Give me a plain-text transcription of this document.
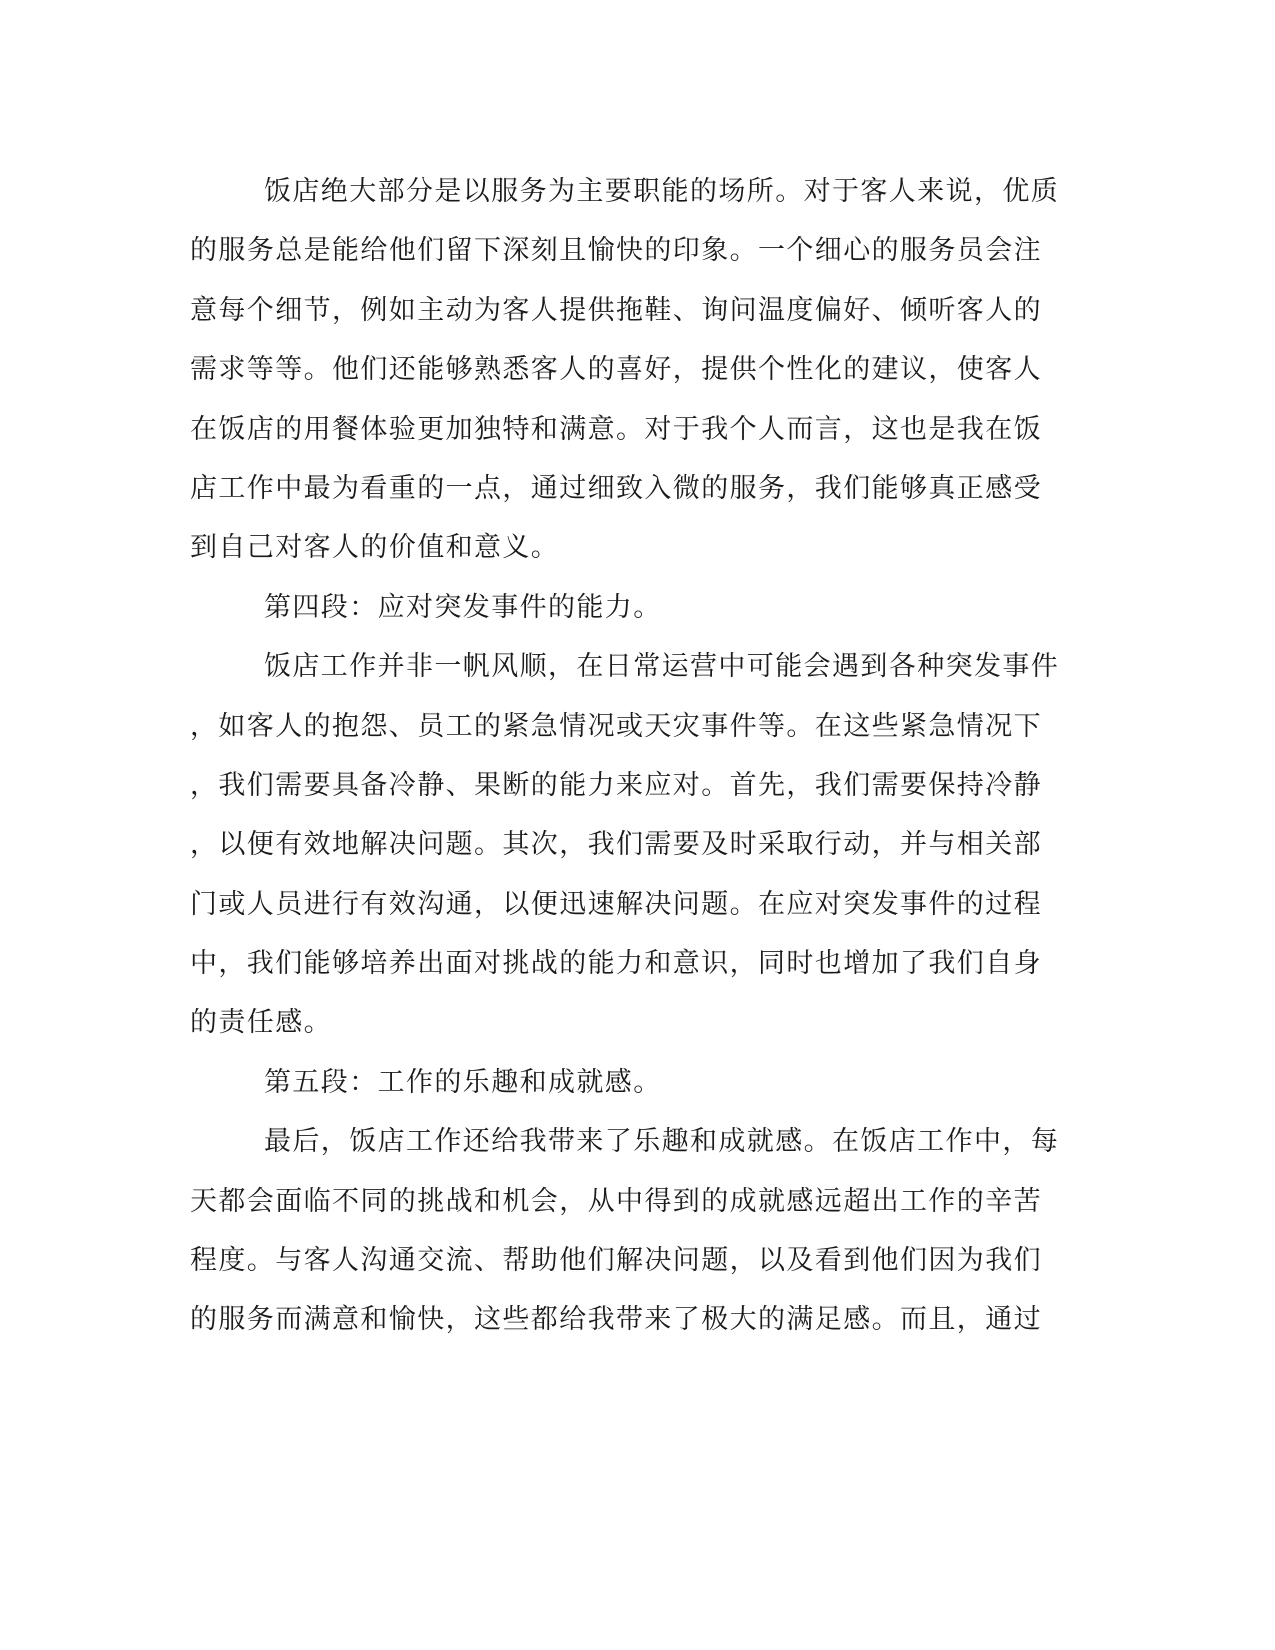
饭店绝大部分是以服务为主要职能的场所。对于客人来说，优质
的服务总是能给他们留下深刻且愉快的印象。一个细心的服务员会注
意每个细节，例如主动为客人提供拖鞋、询问温度偏好、倾听客人的
需求等等。他们还能够熟悉客人的喜好，提供个性化的建议，使客人
在饭店的用餐体验更加独特和满意。对于我个人而言，这也是我在饭
店工作中最为看重的一点，通过细致入微的服务，我们能够真正感受
到自己对客人的价值和意义。
第四段：应对突发事件的能力。
饭店工作并非一帆风顺，在日常运营中可能会遇到各种突发事件
，如客人的抱怨、员工的紧急情况或天灾事件等。在这些紧急情况下
，我们需要具备冷静、果断的能力来应对。首先，我们需要保持冷静
，以便有效地解决问题。其次，我们需要及时采取行动，并与相关部
门或人员进行有效沟通，以便迅速解决问题。在应对突发事件的过程
中，我们能够培养出面对挑战的能力和意识，同时也增加了我们自身
的责任感。
第五段：工作的乐趣和成就感。
最后，饭店工作还给我带来了乐趣和成就感。在饭店工作中，每
天都会面临不同的挑战和机会，从中得到的成就感远超出工作的辛苦
程度。与客人沟通交流、帮助他们解决问题，以及看到他们因为我们
的服务而满意和愉快，这些都给我带来了极大的满足感。而且，通过
